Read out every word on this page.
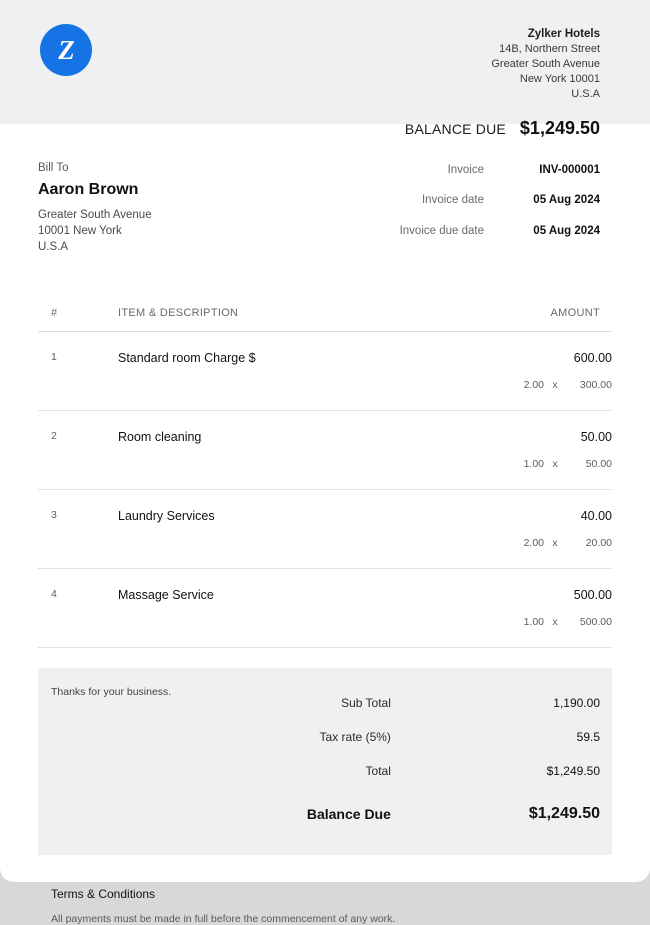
Z
Zylker Hotels
14B, Northern Street
Greater South Avenue
New York 10001
U.S.A
BALANCE DUE $1,249.50
Bill To
Aaron Brown
Greater South Avenue
10001 New York
U.S.A
Invoice	INV-000001
Invoice date	05 Aug 2024
Invoice due date	05 Aug 2024
#	ITEM & DESCRIPTION	AMOUNT

1	Standard room Charge $	600.00
2.00 x 300.00

2	Room cleaning	50.00
1.00 x 50.00

3	Laundry Services	40.00
2.00 x 20.00

4	Massage Service	500.00
1.00 x 500.00
Thanks for your business.
Sub Total	1,190.00
Tax rate (5%)	59.5
Total	$1,249.50
Balance Due	$1,249.50
Terms & Conditions
All payments must be made in full before the commencement of any work.
